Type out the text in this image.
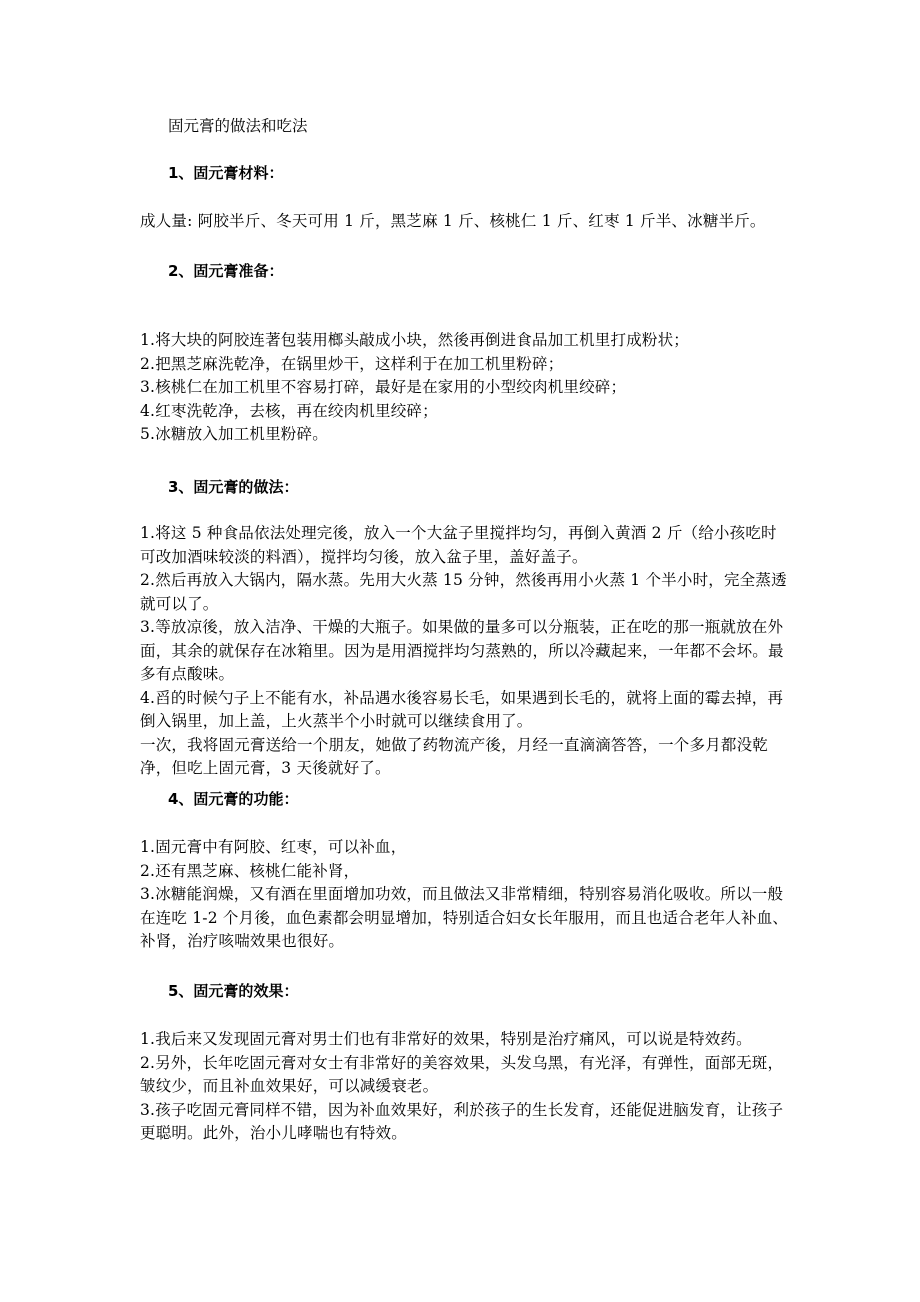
固元膏的做法和吃法

1、固元膏材料：

成人量: 阿胶半斤、冬天可用 1 斤，黑芝麻 1 斤、核桃仁 1 斤、红枣 1 斤半、冰糖半斤。

2、固元膏准备：

1.将大块的阿胶连著包装用榔头敲成小块，然後再倒进食品加工机里打成粉状；

2.把黑芝麻洗乾净，在锅里炒干，这样利于在加工机里粉碎；

3.核桃仁在加工机里不容易打碎，最好是在家用的小型绞肉机里绞碎；

4.红枣洗乾净，去核，再在绞肉机里绞碎；

5.冰糖放入加工机里粉碎。

3、固元膏的做法：

1.将这 5 种食品依法处理完後，放入一个大盆子里搅拌均匀，再倒入黄酒 2 斤（给小孩吃时可改加酒味较淡的料酒），搅拌均匀後，放入盆子里，盖好盖子。

2.然后再放入大锅内，隔水蒸。先用大火蒸 15 分钟，然後再用小火蒸 1 个半小时，完全蒸透就可以了。

3.等放凉後，放入洁净、干燥的大瓶子。如果做的量多可以分瓶装，正在吃的那一瓶就放在外面，其余的就保存在冰箱里。因为是用酒搅拌均匀蒸熟的，所以冷藏起来，一年都不会坏。最多有点酸味。

4.舀的时候勺子上不能有水，补品遇水後容易长毛，如果遇到长毛的，就将上面的霉去掉，再倒入锅里，加上盖，上火蒸半个小时就可以继续食用了。

一次，我将固元膏送给一个朋友，她做了药物流产後，月经一直滴滴答答，一个多月都没乾净，但吃上固元膏，3 天後就好了。

4、固元膏的功能：

1.固元膏中有阿胶、红枣，可以补血，

2.还有黑芝麻、核桃仁能补肾，

3.冰糖能润燥，又有酒在里面增加功效，而且做法又非常精细，特别容易消化吸收。所以一般在连吃 1-2 个月後，血色素都会明显增加，特别适合妇女长年服用，而且也适合老年人补血、补肾，治疗咳喘效果也很好。

5、固元膏的效果：

1.我后来又发现固元膏对男士们也有非常好的效果，特别是治疗痛风，可以说是特效药。

2.另外，长年吃固元膏对女士有非常好的美容效果，头发乌黑，有光泽，有弹性，面部无斑，皱纹少，而且补血效果好，可以减缓衰老。

3.孩子吃固元膏同样不错，因为补血效果好，利於孩子的生长发育，还能促进脑发育，让孩子更聪明。此外，治小儿哮喘也有特效。
